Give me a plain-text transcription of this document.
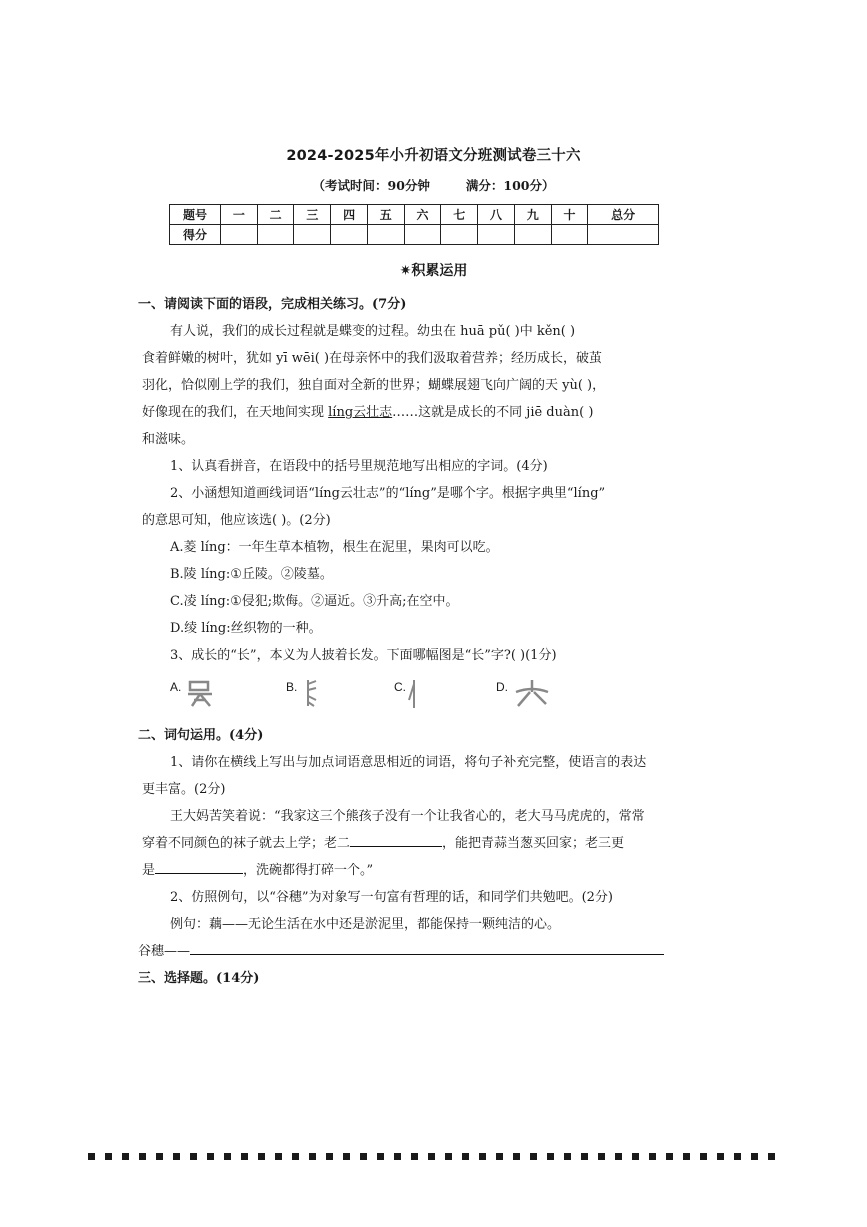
2024-2025年小升初语文分班测试卷三十六
（考试时间：90分钟	满分：100分）
题号	一	二	三	四	五	六	七	八	九	十	总分
得分											
✷积累运用
一、请阅读下面的语段，完成相关练习。(7分)
有人说，我们的成长过程就是蝶变的过程。幼虫在 huā pǔ( )中 kěn( )
食着鲜嫩的树叶，犹如 yī wēi( )在母亲怀中的我们汲取着营养；经历成长，破茧
羽化，恰似刚上学的我们，独自面对全新的世界；蝴蝶展翅飞向广阔的天 yù( )，
好像现在的我们，在天地间实现 líng云壮志……这就是成长的不同 jiē duàn( )
和滋味。
1、认真看拼音，在语段中的括号里规范地写出相应的字词。(4分)
2、小涵想知道画线词语“líng云壮志”的“líng”是哪个字。根据字典里“líng”
的意思可知，他应该选( )。(2分)
A.菱 líng：一年生草本植物，根生在泥里，果肉可以吃。
B.陵 líng:①丘陵。②陵墓。
C.凌 líng:①侵犯;欺侮。②逼近。③升高;在空中。
D.绫 líng:丝织物的一种。
3、成长的“长”，本义为人披着长发。下面哪幅图是“长”字?( )(1分)
A.	B.	C.	D.
二、词句运用。(4分)
1、请你在横线上写出与加点词语意思相近的词语，将句子补充完整，使语言的表达
更丰富。(2分)
王大妈苦笑着说：“我家这三个熊孩子没有一个让我省心的，老大马马虎虎的，常常
穿着不同颜色的袜子就去上学；老二	，能把青蒜当葱买回家；老三更
是	，洗碗都得打碎一个。”
2、仿照例句，以“谷穗”为对象写一句富有哲理的话，和同学们共勉吧。(2分)
例句：藕——无论生活在水中还是淤泥里，都能保持一颗纯洁的心。
谷穗——
三、选择题。(14分)
